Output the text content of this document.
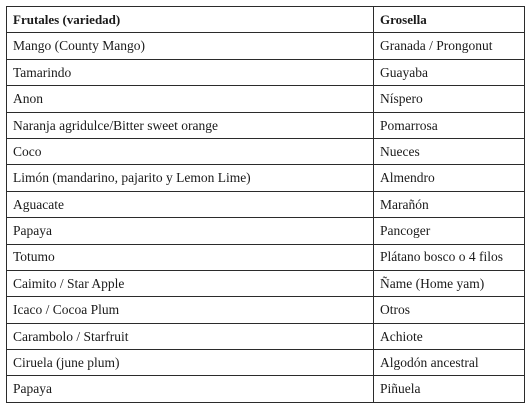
Frutales (variedad)	Grosella
Mango (County Mango)	Granada / Prongonut
Tamarindo	Guayaba
Anon	Níspero
Naranja agridulce/Bitter sweet orange	Pomarrosa
Coco	Nueces
Limón (mandarino, pajarito y Lemon Lime)	Almendro
Aguacate	Marañón
Papaya	Pancoger
Totumo	Plátano bosco o 4 filos
Caimito / Star Apple	Ñame (Home yam)
Icaco / Cocoa Plum	Otros
Carambolo / Starfruit	Achiote
Ciruela (june plum)	Algodón ancestral
Papaya	Piñuela
